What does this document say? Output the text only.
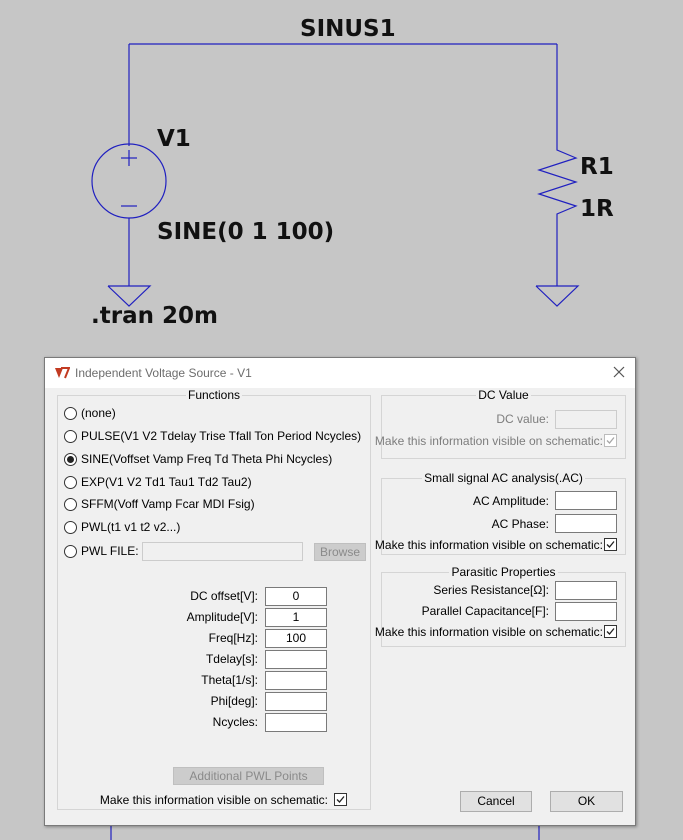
SINUS1
V1
SINE(0 1 100)
R1
1R
.tran 20m
Independent Voltage Source - V1
Functions
(none)
PULSE(V1 V2 Tdelay Trise Tfall Ton Period Ncycles)
SINE(Voffset Vamp Freq Td Theta Phi Ncycles)
EXP(V1 V2 Td1 Tau1 Td2 Tau2)
SFFM(Voff Vamp Fcar MDI Fsig)
PWL(t1 v1 t2 v2...)
PWL FILE:	Browse
DC offset[V]:	0
Amplitude[V]:	1
Freq[Hz]:	100
Tdelay[s]:
Theta[1/s]:
Phi[deg]:
Ncycles:
Additional PWL Points
Make this information visible on schematic:
DC Value
DC value:
Make this information visible on schematic:
Small signal AC analysis(.AC)
AC Amplitude:
AC Phase:
Make this information visible on schematic:
Parasitic Properties
Series Resistance[Ω]:
Parallel Capacitance[F]:
Make this information visible on schematic:
Cancel	OK
